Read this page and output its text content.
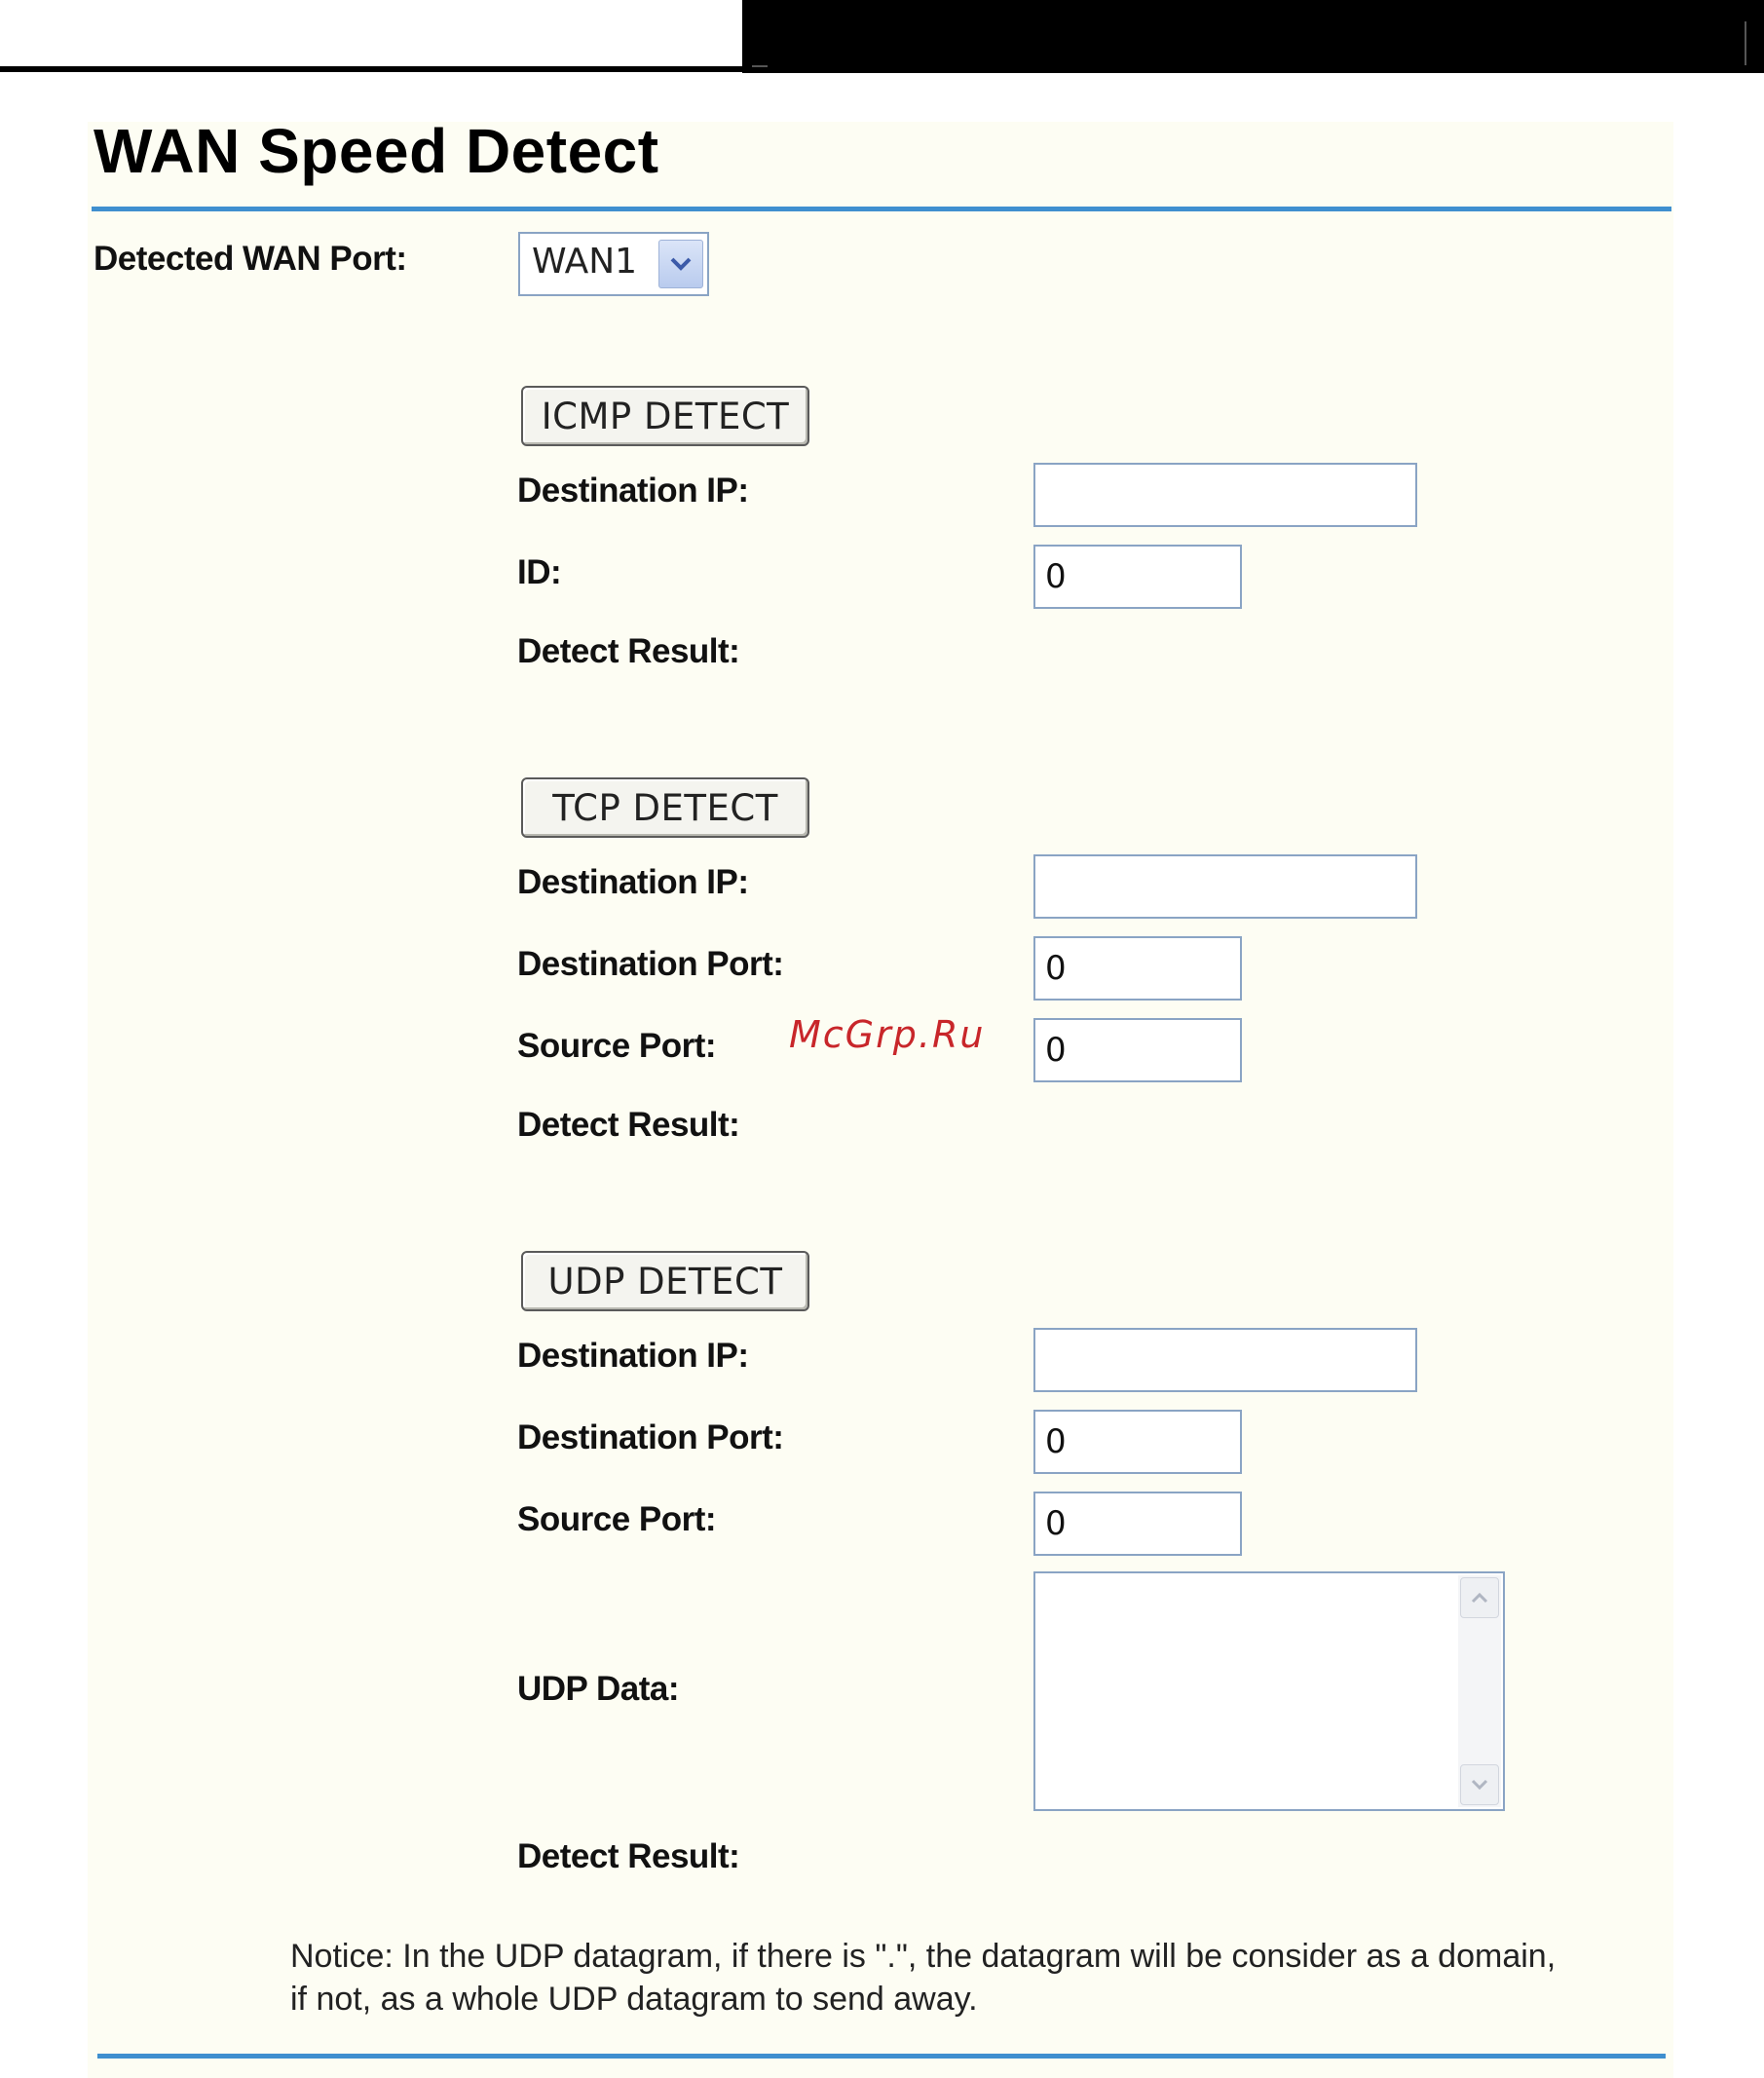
WAN Speed Detect
Detected WAN Port:	WAN1
ICMP DETECT
Destination IP:
ID:
0
Detect Result:
TCP DETECT
Destination IP:
Destination Port:
0
Source Port:
0
Detect Result:
UDP DETECT
Destination IP:
Destination Port:
0
Source Port:
0
UDP Data:
Detect Result:
Notice: In the UDP datagram, if there is ".", the datagram will be consider as a domain,
if not, as a whole UDP datagram to send away.
McGrp.Ru
